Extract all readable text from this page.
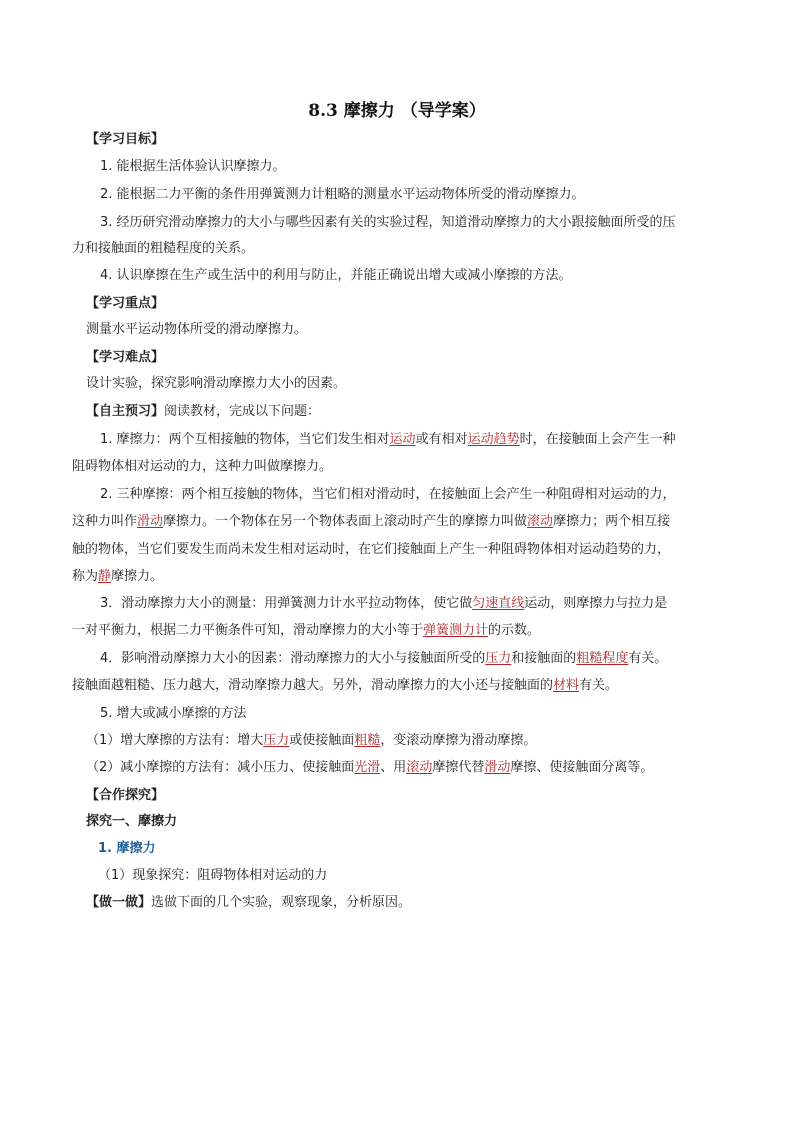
8.3 摩擦力 （导学案）
【学习目标】
1. 能根据生活体验认识摩擦力。
2. 能根据二力平衡的条件用弹簧测力计粗略的测量水平运动物体所受的滑动摩擦力。
3. 经历研究滑动摩擦力的大小与哪些因素有关的实验过程，知道滑动摩擦力的大小跟接触面所受的压
力和接触面的粗糙程度的关系。
4. 认识摩擦在生产或生活中的利用与防止，并能正确说出增大或减小摩擦的方法。
【学习重点】
测量水平运动物体所受的滑动摩擦力。
【学习难点】
设计实验，探究影响滑动摩擦力大小的因素。
【自主预习】阅读教材，完成以下问题：
1. 摩擦力：两个互相接触的物体，当它们发生相对运动或有相对运动趋势时，在接触面上会产生一种
阻碍物体相对运动的力，这种力叫做摩擦力。
2. 三种摩擦：两个相互接触的物体，当它们相对滑动时，在接触面上会产生一种阻碍相对运动的力，
这种力叫作滑动摩擦力。一个物体在另一个物体表面上滚动时产生的摩擦力叫做滚动摩擦力；两个相互接
触的物体，当它们要发生而尚未发生相对运动时，在它们接触面上产生一种阻碍物体相对运动趋势的力，
称为静摩擦力。
3．滑动摩擦力大小的测量：用弹簧测力计水平拉动物体，使它做匀速直线运动，则摩擦力与拉力是
一对平衡力，根据二力平衡条件可知，滑动摩擦力的大小等于弹簧测力计的示数。
4．影响滑动摩擦力大小的因素：滑动摩擦力的大小与接触面所受的压力和接触面的粗糙程度有关。
接触面越粗糙、压力越大，滑动摩擦力越大。另外，滑动摩擦力的大小还与接触面的材料有关。
5. 增大或减小摩擦的方法
（1）增大摩擦的方法有：增大压力或使接触面粗糙，变滚动摩擦为滑动摩擦。
（2）减小摩擦的方法有：减小压力、使接触面光滑、用滚动摩擦代替滑动摩擦、使接触面分离等。
【合作探究】
探究一、摩擦力
1. 摩擦力
（1）现象探究：阻碍物体相对运动的力
【做一做】选做下面的几个实验，观察现象，分析原因。
